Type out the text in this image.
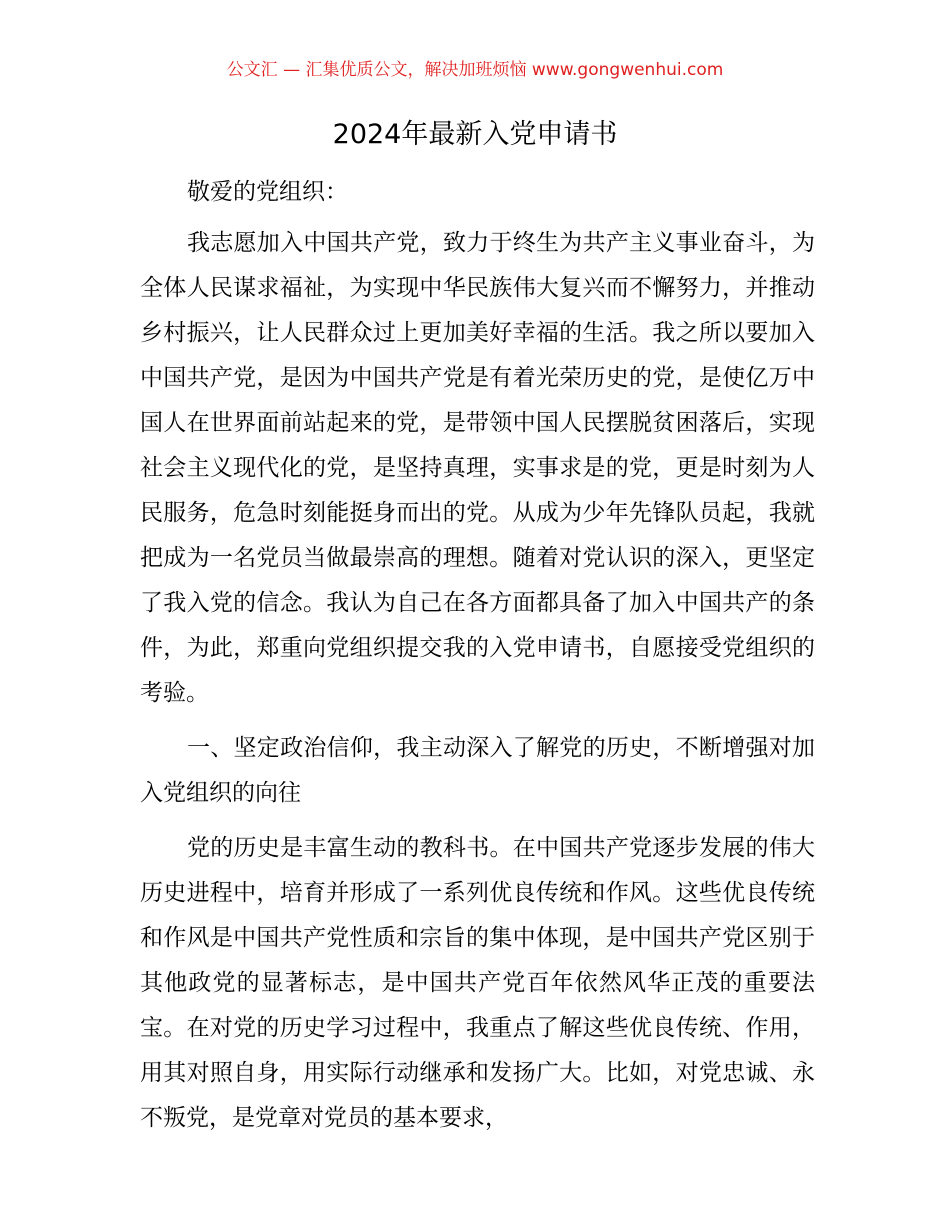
公文汇 — 汇集优质公文，解决加班烦恼 www.gongwenhui.com
2024年最新入党申请书

敬爱的党组织：

我志愿加入中国共产党，致力于终生为共产主义事业奋斗，为全体人民谋求福祉，为实现中华民族伟大复兴而不懈努力，并推动乡村振兴，让人民群众过上更加美好幸福的生活。我之所以要加入中国共产党，是因为中国共产党是有着光荣历史的党，是使亿万中国人在世界面前站起来的党，是带领中国人民摆脱贫困落后，实现社会主义现代化的党，是坚持真理，实事求是的党，更是时刻为人民服务，危急时刻能挺身而出的党。从成为少年先锋队员起，我就把成为一名党员当做最崇高的理想。随着对党认识的深入，更坚定了我入党的信念。我认为自己在各方面都具备了加入中国共产的条件，为此，郑重向党组织提交我的入党申请书，自愿接受党组织的考验。

一、坚定政治信仰，我主动深入了解党的历史，不断增强对加入党组织的向往

党的历史是丰富生动的教科书。在中国共产党逐步发展的伟大历史进程中，培育并形成了一系列优良传统和作风。这些优良传统和作风是中国共产党性质和宗旨的集中体现，是中国共产党区别于其他政党的显著标志，是中国共产党百年依然风华正茂的重要法宝。在对党的历史学习过程中，我重点了解这些优良传统、作用，用其对照自身，用实际行动继承和发扬广大。比如，对党忠诚、永不叛党，是党章对党员的基本要求，
